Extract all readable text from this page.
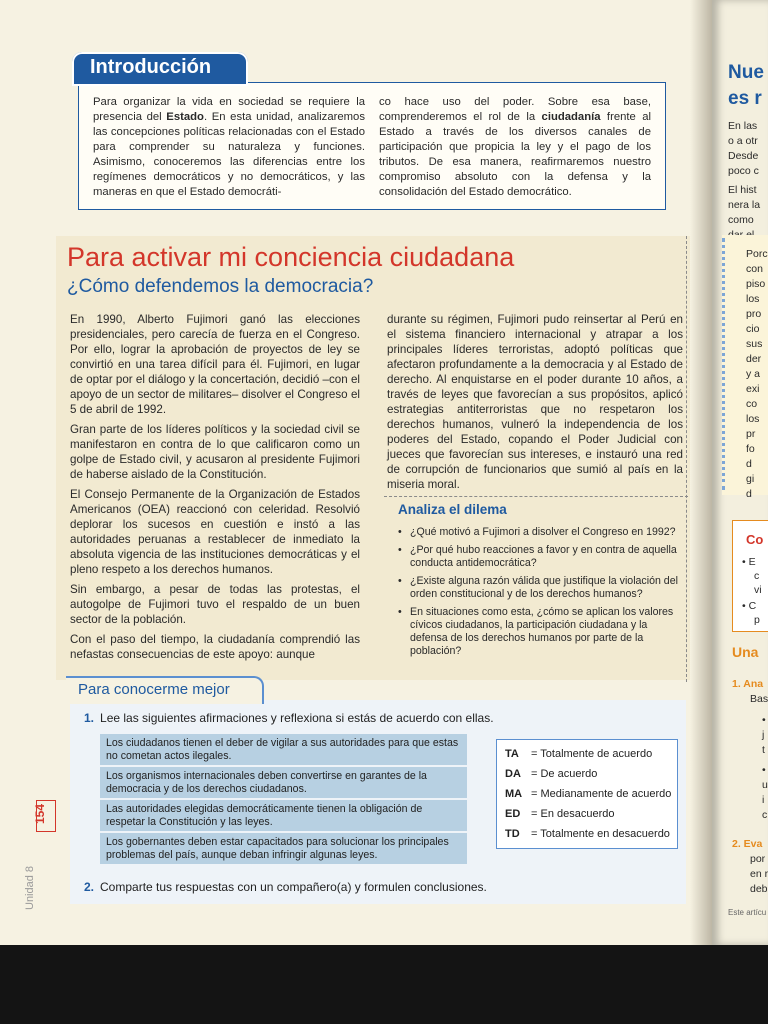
Para organizar la vida en sociedad se requiere la presencia del Estado. En esta unidad, analizaremos las concepciones políticas relacionadas con el Estado para comprender su naturaleza y funciones. Asimismo, conoceremos las diferencias entre los regímenes democráticos y no democráticos, y las maneras en que el Estado democráti-
co hace uso del poder. Sobre esa base, comprenderemos el rol de la ciudadanía frente al Estado a través de los diversos canales de participación que propicia la ley y el pago de los tributos. De esa manera, reafirmaremos nuestro compromiso absoluto con la defensa y la consolidación del Estado democrático.
Introducción
Para activar mi conciencia ciudadana
¿Cómo defendemos la democracia?

En 1990, Alberto Fujimori ganó las elecciones presidenciales, pero carecía de fuerza en el Congreso. Por ello, lograr la aprobación de proyectos de ley se convirtió en una tarea difícil para él. Fujimori, en lugar de optar por el diálogo y la concertación, decidió –con el apoyo de un sector de militares– disolver el Congreso el 5 de abril de 1992.

Gran parte de los líderes políticos y la sociedad civil se manifestaron en contra de lo que calificaron como un golpe de Estado civil, y acusaron al presidente Fujimori de haberse aislado de la Constitución.

El Consejo Permanente de la Organización de Estados Americanos (OEA) reaccionó con celeridad. Resolvió deplorar los sucesos en cuestión e instó a las autoridades peruanas a restablecer de inmediato la absoluta vigencia de las instituciones democráticas y el pleno respeto a los derechos humanos.

Sin embargo, a pesar de todas las protestas, el autogolpe de Fujimori tuvo el respaldo de un buen sector de la población.

Con el paso del tiempo, la ciudadanía comprendió las nefastas consecuencias de este apoyo: aunque

durante su régimen, Fujimori pudo reinsertar al Perú en el sistema financiero internacional y atrapar a los principales líderes terroristas, adoptó políticas que afectaron profundamente a la democracia y al Estado de derecho. Al enquistarse en el poder durante 10 años, a través de leyes que favorecían a sus propósitos, aplicó estrategias antiterroristas que no respetaron los derechos humanos, vulneró la independencia de los poderes del Estado, copando el Poder Judicial con jueces que favorecían sus intereses, e instauró una red de corrupción de funcionarios que sumió al país en la miseria moral.

Analiza el dilema
• ¿Qué motivó a Fujimori a disolver el Congreso en 1992?
• ¿Por qué hubo reacciones a favor y en contra de aquella conducta antidemocrática?
• ¿Existe alguna razón válida que justifique la violación del orden constitucional y de los derechos humanos?
• En situaciones como esta, ¿cómo se aplican los valores cívicos ciudadanos, la participación ciudadana y la defensa de los derechos humanos por parte de la población?
Para conocerme mejor
1. Lee las siguientes afirmaciones y reflexiona si estás de acuerdo con ellas.
Los ciudadanos tienen el deber de vigilar a sus autoridades para que estas no cometan actos ilegales.
Los organismos internacionales deben convertirse en garantes de la democracia y de los derechos ciudadanos.
Las autoridades elegidas democráticamente tienen la obligación de respetar la Constitución y las leyes.
Los gobernantes deben estar capacitados para solucionar los principales problemas del país, aunque deban infringir algunas leyes.
TA = Totalmente de acuerdo
DA = De acuerdo
MA = Medianamente de acuerdo
ED = En desacuerdo
TD = Totalmente en desacuerdo
2. Comparte tus respuestas con un compañero(a) y formulen conclusiones.
154
Unidad 8
Nue
es r
En las
o a otr
Desde
poco c
El hist
nera la
como
Porc
con
piso
los
pro
cio
sus
der
y a
exi
co
los
pr
fo
d
gi
d
Co
• E
c
vi
• C
p
Una
1. Ana
Bas
•
j
t
•
u
i
c
2. Eva
por
en r
deb
Este artícu
